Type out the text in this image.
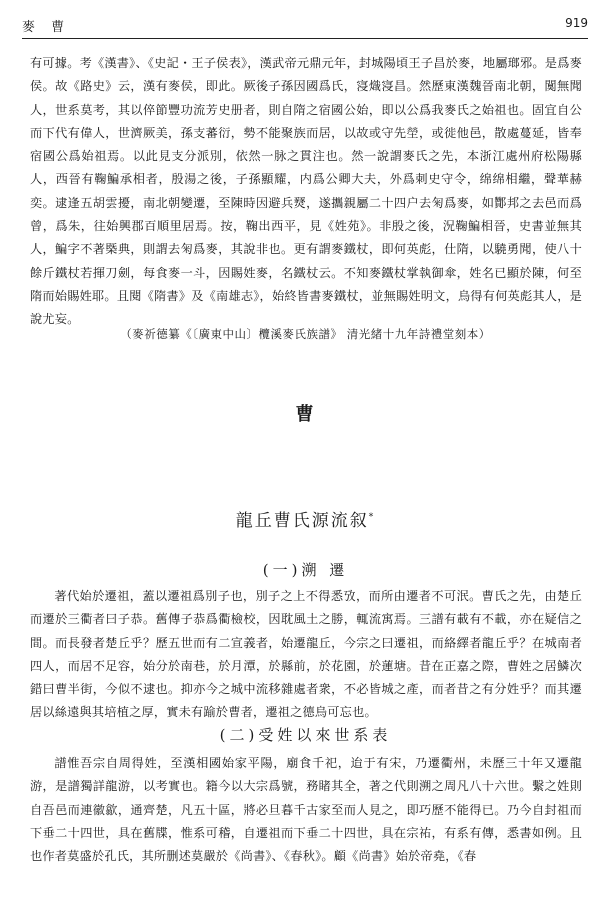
麥 曹	919

有可據。考《漢書》、《史記・王子侯表》，漢武帝元鼎元年，封城陽頃王子昌於麥，地屬瑯邪。是爲麥侯。故《路史》云，漢有麥侯，即此。厥後子孫因國爲氏，寖熾寖昌。然歷東漢魏晉南北朝，闃無聞人，世系莫考，其以倅節豐功流芳史册者，則自隋之宿國公始，即以公爲我麥氏之始祖也。固宜自公而下代有偉人，世濟厥美，孫支蕃衍，勢不能聚族而居，以故或守先塋，或徙他邑，散處蔓延，皆奉宿國公爲始祖焉。以此見支分派別，依然一脉之貫注也。然一說謂麥氏之先，本浙江處州府松陽縣人，西晉有鞠鯿承相者，殷湯之後，子孫顯耀，内爲公卿大夫，外爲刺史守令，绵绵相繼，聲華赫奕。逮逢五胡雲擾，南北朝變遷，至陳時因避兵燹，遂攜親屬二十四户去匊爲麥，如酇邦之去邑而爲曾，爲朱，往始興郡百順里居焉。按，鞠出西平，見《姓苑》。非殷之後，況鞠鯿相晉，史書並無其人，鯿字不著槩典，則謂去匊爲麥，其說非也。更有謂麥鐵杖，即何英彪，仕隋，以驍勇聞，使八十餘斤鐵杖若揮刀劍，每食麥一斗，因賜姓麥，名鐵杖云。不知麥鐵杖掌執御傘，姓名已顯於陳，何至隋而始賜姓耶。且閱《隋書》及《南雄志》，始終皆書麥鐵杖，並無賜姓明文，烏得有何英彪其人，是說尤妄。

（麥祈德纂《〔廣東中山〕欖溪麥氏族譜》 清光緒十九年詩禮堂刻本）
曹
龍丘曹氏源流叙*
(一)溯 遷

著代始於遷祖，蓋以遷祖爲別子也，別子之上不得悉攷，而所由遷者不可泯。曹氏之先，由楚丘而遷於三衢者曰子恭。舊傳子恭爲衢檢校，因耽風土之勝，輒流寓焉。三譜有載有不載，亦在疑信之間。而長發者楚丘乎？歷五世而有二宣義者，始遷龍丘，今宗之曰遷祖，而絡繹者龍丘乎？在城南者四人，而居不足容，始分於南巷，於月潭，於縣前，於花園，於蓮塘。昔在正嘉之際，曹姓之居鱗次錯曰曹半街，今似不逮也。抑亦今之城中流移雜處者衆，不必皆城之產，而者昔之有分姓乎？而其遷居以絲遠與其培植之厚，實未有踰於曹者，遷祖之德烏可忘也。

(二)受姓以來世系表

譜惟吾宗自周得姓，至漢相國始家平陽，廟食千祀，迨于有宋，乃遷衢州，未歷三十年又遷龍游，是譜獨詳龍游，以考實也。籍今以大宗爲號，務睹其全，著之代則溯之周凡八十六世。繫之姓則自吾邑而連徽歙，通齊楚，凡五十區，將必旦暮千古家至而人見之，即巧歷不能得已。乃今自封祖而下垂二十四世，具在舊牒，惟系可稽，自遷祖而下垂二十四世，具在宗祐，有系有傳，悉書如例。且也作者莫盛於孔氏，其所删述莫嚴於《尚書》、《春秋》。顧《尚書》始於帝堯，《春
